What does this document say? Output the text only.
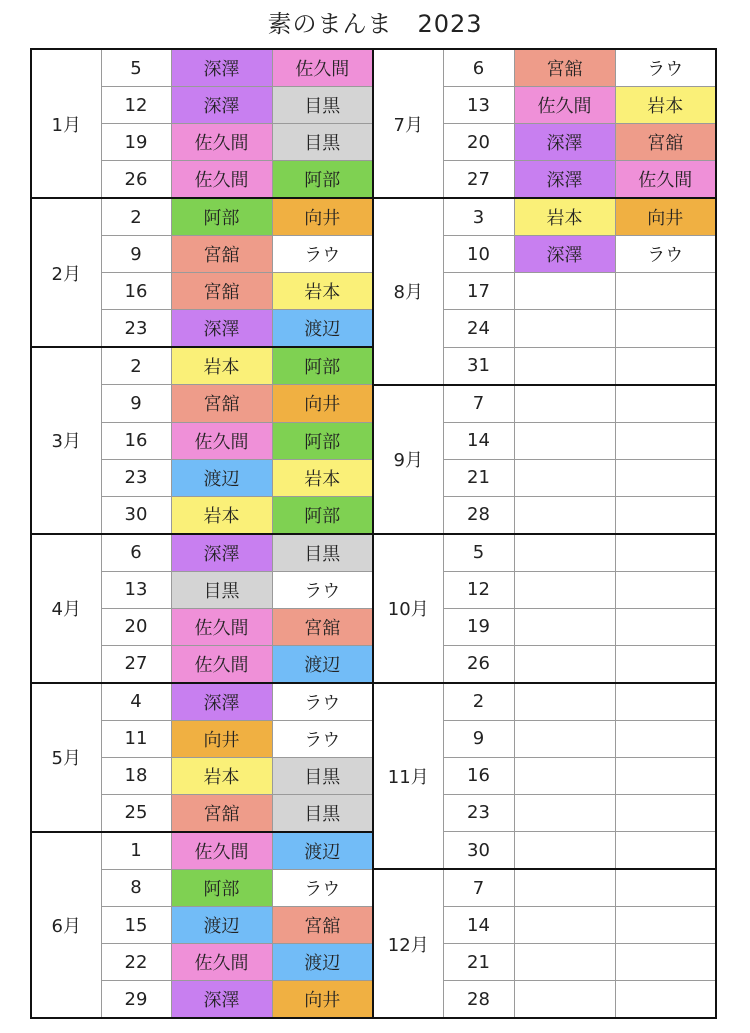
素のまんま　2023
1月	5	深澤	佐久間	7月	6	宮舘	ラウ
	12	深澤	目黒		13	佐久間	岩本
	19	佐久間	目黒		20	深澤	宮舘
	26	佐久間	阿部		27	深澤	佐久間
2月	2	阿部	向井	8月	3	岩本	向井
	9	宮舘	ラウ		10	深澤	ラウ
	16	宮舘	岩本		17		
	23	深澤	渡辺		24		
3月	2	岩本	阿部		31		
	9	宮舘	向井	9月	7		
	16	佐久間	阿部		14		
	23	渡辺	岩本		21		
	30	岩本	阿部		28		
4月	6	深澤	目黒	10月	5		
	13	目黒	ラウ		12		
	20	佐久間	宮舘		19		
	27	佐久間	渡辺		26		
5月	4	深澤	ラウ	11月	2		
	11	向井	ラウ		9		
	18	岩本	目黒		16		
	25	宮舘	目黒		23		
6月	1	佐久間	渡辺		30		
	8	阿部	ラウ	12月	7		
	15	渡辺	宮舘		14		
	22	佐久間	渡辺		21		
	29	深澤	向井		28		
